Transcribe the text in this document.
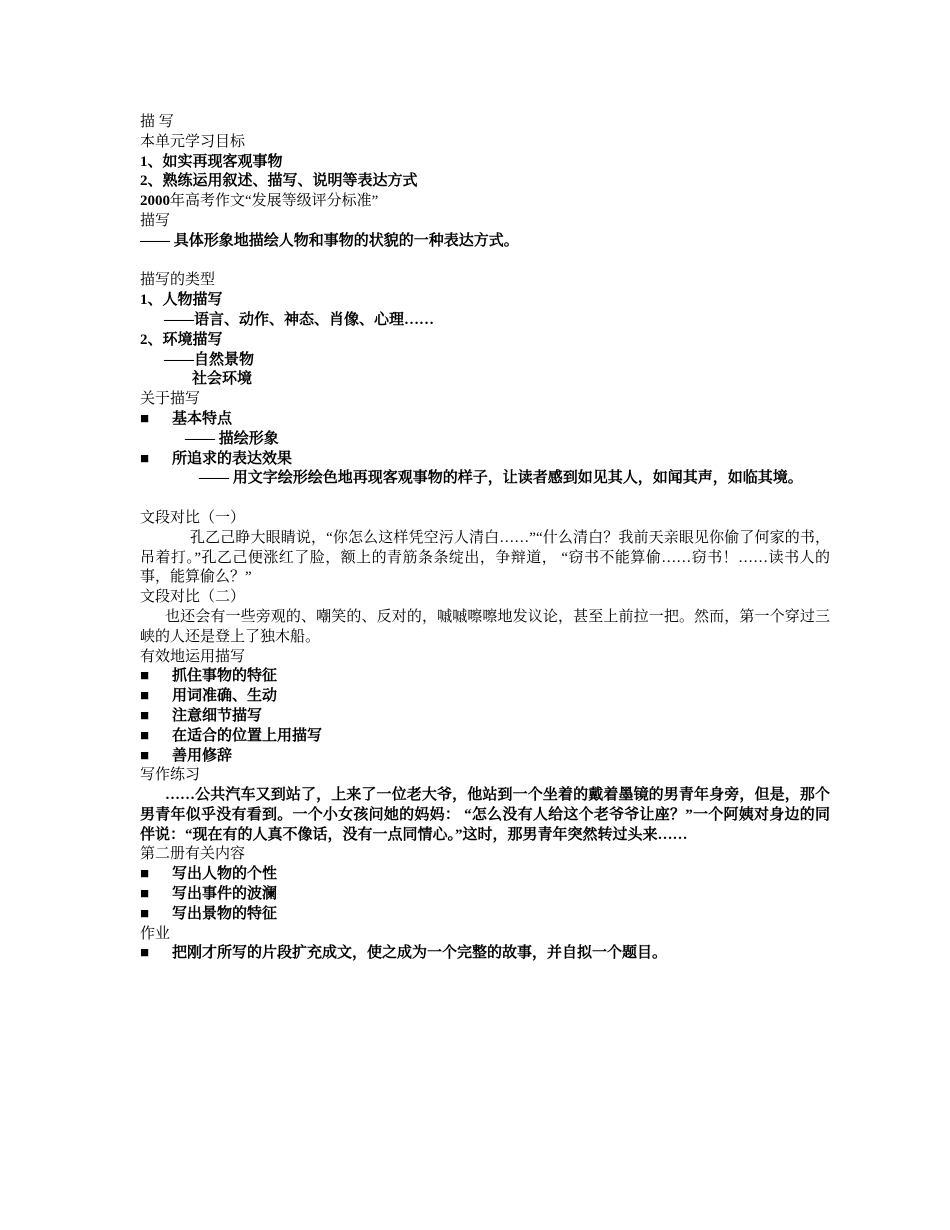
描 写
本单元学习目标
1、如实再现客观事物
2、熟练运用叙述、描写、说明等表达方式
2000年高考作文“发展等级评分标准”
描写
—— 具体形象地描绘人物和事物的状貌的一种表达方式。
描写的类型
1、人物描写
——语言、动作、神态、肖像、心理……
2、环境描写
——自然景物
社会环境
关于描写
■	基本特点
—— 描绘形象
■	所追求的表达效果
—— 用文字绘形绘色地再现客观事物的样子，让读者感到如见其人，如闻其声，如临其境。
文段对比（一）
孔乙己睁大眼睛说，“你怎么这样凭空污人清白……”“什么清白？我前天亲眼见你偷了何家的书，吊着打。”孔乙己便涨红了脸，额上的青筋条条绽出，争辩道， “窃书不能算偷……窃书！……读书人的事，能算偷么？”
文段对比（二）
也还会有一些旁观的、嘲笑的、反对的，嘁嘁嚓嚓地发议论，甚至上前拉一把。然而，第一个穿过三峡的人还是登上了独木船。
有效地运用描写
■	抓住事物的特征
■	用词准确、生动
■	注意细节描写
■	在适合的位置上用描写
■	善用修辞
写作练习
……公共汽车又到站了，上来了一位老大爷，他站到一个坐着的戴着墨镜的男青年身旁，但是，那个男青年似乎没有看到。一个小女孩问她的妈妈： “怎么没有人给这个老爷爷让座？”一个阿姨对身边的同伴说：“现在有的人真不像话，没有一点同情心。”这时，那男青年突然转过头来……
第二册有关内容
■	写出人物的个性
■	写出事件的波澜
■	写出景物的特征
作业
■	把刚才所写的片段扩充成文，使之成为一个完整的故事，并自拟一个题目。
